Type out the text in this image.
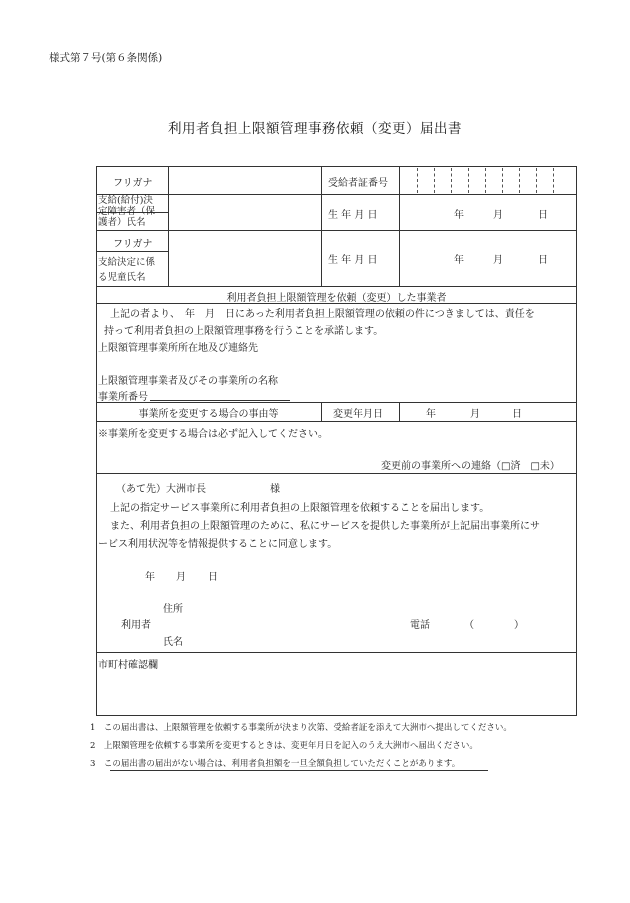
様式第７号(第６条関係)
利用者負担上限額管理事務依頼（変更）届出書
フリガナ	受給者証番号
支給(給付)決
定障害者（保
護者）氏名
生 年 月 日	年	月	日
フリガナ
支給決定に係
る児童氏名
生 年 月 日	年	月	日
利用者負担上限額管理を依頼（変更）した事業者
上記の者より、　年　月　日にあった利用者負担上限額管理の依頼の件につきましては、責任を
持って利用者負担の上限額管理事務を行うことを承諾します。
上限額管理事業所所在地及び連絡先
上限額管理事業者及びその事業所の名称
事業所番号
事業所を変更する場合の事由等	変更年月日	年	月	日
※事業所を変更する場合は必ず記入してください。
変更前の事業所への連絡（□済　□未）
（あて先）大洲市長	様
上記の指定サービス事業所に利用者負担の上限額管理を依頼することを届出します。
また、利用者負担の上限額管理のために、私にサービスを提供した事業所が上記届出事業所にサ
ービス利用状況等を情報提供することに同意します。
年 月 日
住所
利用者
氏名
電話	（	）
市町村確認欄
1　この届出書は、上限額管理を依頼する事業所が決まり次第、受給者証を添えて大洲市へ提出してください。
2　上限額管理を依頼する事業所を変更するときは、変更年月日を記入のうえ大洲市へ届出ください。
3　この届出書の届出がない場合は、利用者負担額を一旦全額負担していただくことがあります。
